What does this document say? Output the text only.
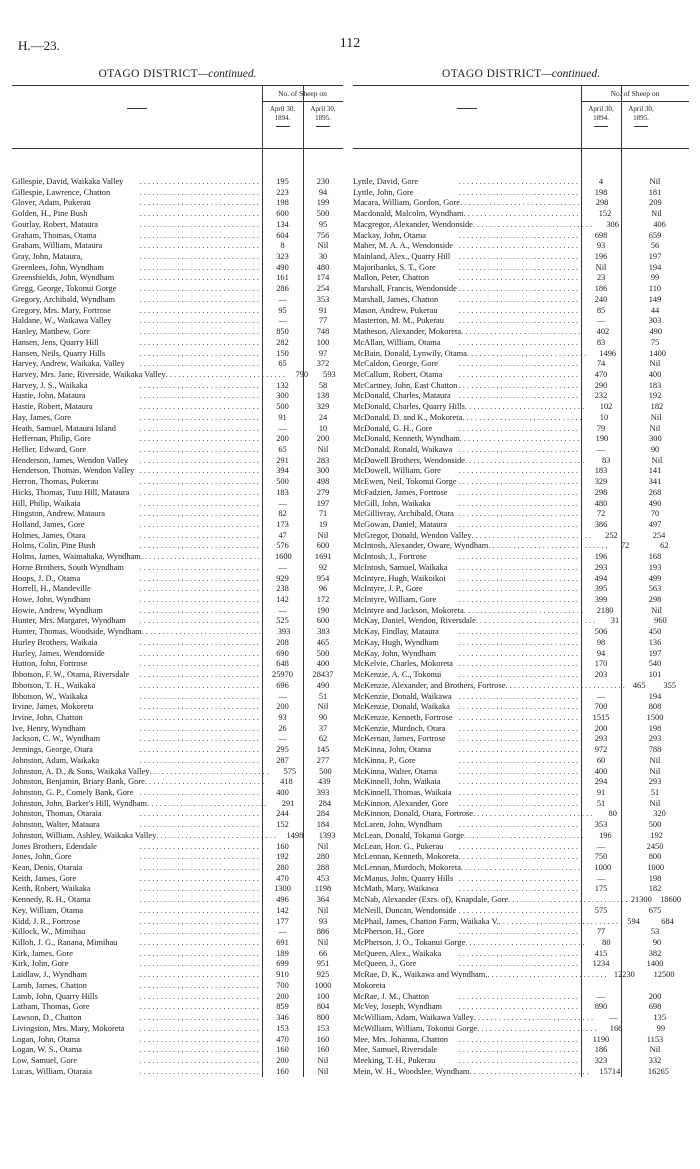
H.—23.	112
OTAGO DISTRICT—continued.
No. of Sheep on
April 30,
1894.
April 30,
1895.
Gillespie, David, Waikaka Valley	. . . . . . . . . . . . . . . . . . . . . . . . . . . . .	195	230
Gillespie, Lawrence, Chatton	. . . . . . . . . . . . . . . . . . . . . . . . . . . . .	223	94
Glover, Adam, Pukerau	. . . . . . . . . . . . . . . . . . . . . . . . . . . . .	198	199
Golden, H., Pine Bush	. . . . . . . . . . . . . . . . . . . . . . . . . . . . .	600	500
Gourlay, Robert, Mataura	. . . . . . . . . . . . . . . . . . . . . . . . . . . . .	134	95
Graham, Thomas, Otama	. . . . . . . . . . . . . . . . . . . . . . . . . . . . .	604	756
Graham, William, Mataura	. . . . . . . . . . . . . . . . . . . . . . . . . . . . .	8	Nil
Gray, John, Mataura,	. . . . . . . . . . . . . . . . . . . . . . . . . . . . .	323	30
Greenlees, John, Wyndham	. . . . . . . . . . . . . . . . . . . . . . . . . . . . .	490	480
Greenshields, John, Wyndham	. . . . . . . . . . . . . . . . . . . . . . . . . . . . .	161	174
Gregg, George, Tokonui Gorge	. . . . . . . . . . . . . . . . . . . . . . . . . . . . .	286	254
Gregory, Archibald, Wyndham	. . . . . . . . . . . . . . . . . . . . . . . . . . . . .	—	353
Gregory, Mrs. Mary, Fortrose	. . . . . . . . . . . . . . . . . . . . . . . . . . . . .	95	91
Haldane, W., Waikawa Valley	. . . . . . . . . . . . . . . . . . . . . . . . . . . . .	—	77
Hanley, Matthew, Gore	. . . . . . . . . . . . . . . . . . . . . . . . . . . . .	850	748
Hansen, Jens, Quarry Hill	. . . . . . . . . . . . . . . . . . . . . . . . . . . . .	282	100
Hansen, Neils, Quarry Hills	. . . . . . . . . . . . . . . . . . . . . . . . . . . . .	150	97
Harvey, Andrew, Waikaka, Valley	. . . . . . . . . . . . . . . . . . . . . . . . . . . . .	65	372
Harvey, Mrs. Jane, Riverside, Waikaka Valley . . . . . . . . . . . . . . . . . . . . . . . . . . . . .	790	593
Harvey, J. S., Waikaka	. . . . . . . . . . . . . . . . . . . . . . . . . . . . .	132	58
Hastie, John, Mataura	. . . . . . . . . . . . . . . . . . . . . . . . . . . . .	300	138
Hastie, Robert, Mataura	. . . . . . . . . . . . . . . . . . . . . . . . . . . . .	500	329
Hay, James, Gore	. . . . . . . . . . . . . . . . . . . . . . . . . . . . .	91	24
Heath, Samuel, Mataura Island	. . . . . . . . . . . . . . . . . . . . . . . . . . . . .	—	10
Heffernan, Philip, Gore	. . . . . . . . . . . . . . . . . . . . . . . . . . . . .	200	200
Hellier, Edward, Gore	. . . . . . . . . . . . . . . . . . . . . . . . . . . . .	65	Nil
Henderson, James, Wendon Valley	. . . . . . . . . . . . . . . . . . . . . . . . . . . . .	291	283
Henderson, Thomas, Wendon Valley . . . . . . . . . . . . . . . . . . . . . . . . . . . . .	394	300
Herron, Thomas, Pukerau	. . . . . . . . . . . . . . . . . . . . . . . . . . . . .	500	498
Hicks, Thomas, Tutu Hill, Mataura	. . . . . . . . . . . . . . . . . . . . . . . . . . . . .	183	279
Hill, Philip, Waikaia	. . . . . . . . . . . . . . . . . . . . . . . . . . . . .	—	197
Hingston, Andrew, Mataura	. . . . . . . . . . . . . . . . . . . . . . . . . . . . .	82	71
Holland, James, Gore	. . . . . . . . . . . . . . . . . . . . . . . . . . . . .	173	19
Holmes, James, Otara	. . . . . . . . . . . . . . . . . . . . . . . . . . . . .	47	Nil
Holms, Colin, Pine Bush	. . . . . . . . . . . . . . . . . . . . . . . . . . . . .	576	600
Holms, James, Waimahaka, Wyndham . . . . . . . . . . . . . . . . . . . . . . . . . . . . .	1600	1691
Horne Brothers, South Wyndham	. . . . . . . . . . . . . . . . . . . . . . . . . . . . .	—	92
Hoops, J. D., Otama	. . . . . . . . . . . . . . . . . . . . . . . . . . . . .	929	954
Horrell, H., Mandeville	. . . . . . . . . . . . . . . . . . . . . . . . . . . . .	238	96
Howe, John, Wyndham	. . . . . . . . . . . . . . . . . . . . . . . . . . . . .	142	172
Howie, Andrew, Wyndham	. . . . . . . . . . . . . . . . . . . . . . . . . . . . .	—	190
Hunter, Mrs. Margaret, Wyndham	. . . . . . . . . . . . . . . . . . . . . . . . . . . . .	525	600
Hunter, Thomas, Woodside, Wyndham . . . . . . . . . . . . . . . . . . . . . . . . . . . . .	393	383
Hurley Brothers, Waikaia	. . . . . . . . . . . . . . . . . . . . . . . . . . . . .	208	465
Hurley, James, Wendonside	. . . . . . . . . . . . . . . . . . . . . . . . . . . . .	690	500
Hutton, John, Fortrose	. . . . . . . . . . . . . . . . . . . . . . . . . . . . .	648	400
Ibbotson, F. W., Otama, Riversdale	. . . . . . . . . . . . . . . . . . . . . . . . . . . . .	25970	28437
Ibbotson, T. H., Waikaka	. . . . . . . . . . . . . . . . . . . . . . . . . . . . .	696	490
Ibbotson, W., Waikaka	. . . . . . . . . . . . . . . . . . . . . . . . . . . . .	—	51
Irvine, James, Mokoreta	. . . . . . . . . . . . . . . . . . . . . . . . . . . . .	200	Nil
Irvine, John, Chatton	. . . . . . . . . . . . . . . . . . . . . . . . . . . . .	93	90
Ive, Henry, Wyndham	. . . . . . . . . . . . . . . . . . . . . . . . . . . . .	26	37
Jackson, C. W., Wyndham	. . . . . . . . . . . . . . . . . . . . . . . . . . . . .	—	62
Jennings, George, Otara	. . . . . . . . . . . . . . . . . . . . . . . . . . . . .	295	145
Johnston, Adam, Waikaka	. . . . . . . . . . . . . . . . . . . . . . . . . . . . .	287	277
Johnston, A. D., & Sons, Waikaka Valley . . . . . . . . . . . . . . . . . . . . . . . . . . . . .	575	500
Johnston, Benjamin, Briary Bank, Gore . . . . . . . . . . . . . . . . . . . . . . . . . . . . .	418	439
Johnston, G. P., Comely Bank, Gore . . . . . . . . . . . . . . . . . . . . . . . . . . . . .	400	393
Johnston, John, Barker's Hill, Wyndham . . . . . . . . . . . . . . . . . . . . . . . . . . . . .	291	284
Johnston, Thomas, Otaraia	. . . . . . . . . . . . . . . . . . . . . . . . . . . . .	244	284
Johnston, Walter, Mataura	. . . . . . . . . . . . . . . . . . . . . . . . . . . . .	152	184
Johnston, William, Ashley, Waikaka Valley . . . . . . . . . . . . . . . . . . . . . . . . . . . . .	1498	1393
Jones Brothers, Edendale	. . . . . . . . . . . . . . . . . . . . . . . . . . . . .	160	Nil
Jones, John, Gore	. . . . . . . . . . . . . . . . . . . . . . . . . . . . .	192	280
Kean, Denis, Otaraia	. . . . . . . . . . . . . . . . . . . . . . . . . . . . .	280	288
Keith, James, Gore	. . . . . . . . . . . . . . . . . . . . . . . . . . . . .	470	453
Keith, Robert, Waikaka	. . . . . . . . . . . . . . . . . . . . . . . . . . . . .	1300	1198
Kennedy, R. H., Otama	. . . . . . . . . . . . . . . . . . . . . . . . . . . . .	496	364
Key, William, Otama	. . . . . . . . . . . . . . . . . . . . . . . . . . . . .	142	Nil
Kidd, J. R., Fortrose	. . . . . . . . . . . . . . . . . . . . . . . . . . . . .	177	93
Killock, W., Mimihau	. . . . . . . . . . . . . . . . . . . . . . . . . . . . .	—	886
Killoh, J. G., Ranana, Mimihau	. . . . . . . . . . . . . . . . . . . . . . . . . . . . .	691	Nil
Kirk, James, Gore	. . . . . . . . . . . . . . . . . . . . . . . . . . . . .	189	66
Kirk, John, Gore	. . . . . . . . . . . . . . . . . . . . . . . . . . . . .	699	951
Laidlaw, J., Wyndham	. . . . . . . . . . . . . . . . . . . . . . . . . . . . .	910	925
Lamb, James, Chatton	. . . . . . . . . . . . . . . . . . . . . . . . . . . . .	700	1000
Lamb, John, Quarry Hills	. . . . . . . . . . . . . . . . . . . . . . . . . . . . .	200	100
Latham, Thomas, Gore	. . . . . . . . . . . . . . . . . . . . . . . . . . . . .	859	804
Lawson, D., Chatton	. . . . . . . . . . . . . . . . . . . . . . . . . . . . .	346	800
Livingston, Mrs. Mary, Mokoreta	. . . . . . . . . . . . . . . . . . . . . . . . . . . . .	153	153
Logan, John, Otama	. . . . . . . . . . . . . . . . . . . . . . . . . . . . .	470	160
Logan, W. S., Otama	. . . . . . . . . . . . . . . . . . . . . . . . . . . . .	160	160
Low, Samuel, Gore	. . . . . . . . . . . . . . . . . . . . . . . . . . . . .	200	Nil
Lucas, William, Otaraia	. . . . . . . . . . . . . . . . . . . . . . . . . . . . .	160	Nil
OTAGO DISTRICT—continued.
No. of Sheep on
April 30,
1894.
April 30,
1895.
Lyttle, David, Gore	. . . . . . . . . . . . . . . . . . . . . . . . . . . . .	4	Nil
Lyttle, John, Gore	. . . . . . . . . . . . . . . . . . . . . . . . . . . . .	198	181
Macara, William, Gordon, Gore . . . . . . . . . . . . . . . . . . . . . . . . . . . . .	298	209
Macdonald, Malcolm, Wyndham . . . . . . . . . . . . . . . . . . . . . . . . . . . . .	152	Nil
Macgregor, Alexander, Wendonside . . . . . . . . . . . . . . . . . . . . . . . . . . . . .	306	406
Mackay, John, Otama	. . . . . . . . . . . . . . . . . . . . . . . . . . . . .	698	659
Maher, M. A. A., Wendonside . . . . . . . . . . . . . . . . . . . . . . . . . . . . .	93	56
Mainland, Alex., Quarry Hill	. . . . . . . . . . . . . . . . . . . . . . . . . . . . .	196	197
Majoribanks, S. T., Gore	. . . . . . . . . . . . . . . . . . . . . . . . . . . . .	Nil	194
Mallon, Peter, Chatton	. . . . . . . . . . . . . . . . . . . . . . . . . . . . .	23	99
Marshall, Francis, Wendonside . . . . . . . . . . . . . . . . . . . . . . . . . . . . .	186	110
Marshall, James, Chatton	. . . . . . . . . . . . . . . . . . . . . . . . . . . . .	240	149
Mason, Andrew, Pukerau	. . . . . . . . . . . . . . . . . . . . . . . . . . . . .	85	44
Masterton, M. M., Pukerau	. . . . . . . . . . . . . . . . . . . . . . . . . . . . .	—	303
Matheson, Alexander, Mokoreta . . . . . . . . . . . . . . . . . . . . . . . . . . . . .	402	490
McAllan, William, Otama	. . . . . . . . . . . . . . . . . . . . . . . . . . . . .	83	75
McBain, Donald, Lynwily, Otama . . . . . . . . . . . . . . . . . . . . . . . . . . . . .	1496	1400
McCaldon, George, Gore	. . . . . . . . . . . . . . . . . . . . . . . . . . . . .	74	Nil
McCallum, Robert, Otama	. . . . . . . . . . . . . . . . . . . . . . . . . . . . .	470	400
McCartney, John, East Chatton . . . . . . . . . . . . . . . . . . . . . . . . . . . . .	290	183
McDonald, Charles, Mataura . . . . . . . . . . . . . . . . . . . . . . . . . . . . .	232	192
McDonald, Charles, Quarry Hills . . . . . . . . . . . . . . . . . . . . . . . . . . . . .	102	182
McDonald, D. and K., Mokoreta . . . . . . . . . . . . . . . . . . . . . . . . . . . . .	10	Nil
McDonald, G. H., Gore	. . . . . . . . . . . . . . . . . . . . . . . . . . . . .	79	Nil
McDonald, Kenneth, Wyndham . . . . . . . . . . . . . . . . . . . . . . . . . . . . .	190	300
McDonald, Ronald, Waikawa . . . . . . . . . . . . . . . . . . . . . . . . . . . . .	—	90
McDowell Brothers, Wendonside . . . . . . . . . . . . . . . . . . . . . . . . . . . . .	83	Nil
McDowell, William, Gore	. . . . . . . . . . . . . . . . . . . . . . . . . . . . .	183	141
McEwen, Neil, Tokonui Gorge . . . . . . . . . . . . . . . . . . . . . . . . . . . . .	329	341
McFadzien, James, Fortrose	. . . . . . . . . . . . . . . . . . . . . . . . . . . . .	298	268
McGill, John, Waikaka	. . . . . . . . . . . . . . . . . . . . . . . . . . . . .	480	490
McGillivray, Archibald, Otara . . . . . . . . . . . . . . . . . . . . . . . . . . . . .	72	70
McGowan, Daniel, Mataura	. . . . . . . . . . . . . . . . . . . . . . . . . . . . .	386	497
McGregor, Donald, Wendon Valley . . . . . . . . . . . . . . . . . . . . . . . . . . . . .	252	254
McIntosh, Alexander, Oware, Wyndham . . . . . . . . . . . . . . . . . . . . . . . . . . . . .	72	62
McIntosh, J., Fortrose	. . . . . . . . . . . . . . . . . . . . . . . . . . . . .	196	168
McIntosh, Samuel, Waikaka	. . . . . . . . . . . . . . . . . . . . . . . . . . . . .	293	193
McIntyre, Hugh, Waikoikoi	. . . . . . . . . . . . . . . . . . . . . . . . . . . . .	494	499
McIntyre, J. P., Gore	. . . . . . . . . . . . . . . . . . . . . . . . . . . . .	395	563
McIntyre, William, Gore	. . . . . . . . . . . . . . . . . . . . . . . . . . . . .	399	298
McIntyre and Jackson, Mokoreta . . . . . . . . . . . . . . . . . . . . . . . . . . . . .	2180	Nil
McKay, Daniel, Wendon, Riversdale . . . . . . . . . . . . . . . . . . . . . . . . . . . . .	31	960
McKay, Findlay, Mataura	. . . . . . . . . . . . . . . . . . . . . . . . . . . . .	506	450
McKay, Hugh, Wyndham	. . . . . . . . . . . . . . . . . . . . . . . . . . . . .	98	136
McKay, John, Wyndham	. . . . . . . . . . . . . . . . . . . . . . . . . . . . .	94	197
McKelvie, Charles, Mokoreta . . . . . . . . . . . . . . . . . . . . . . . . . . . . .	170	540
McKenzie, A. C., Tokonui	. . . . . . . . . . . . . . . . . . . . . . . . . . . . .	203	101
McKenzie, Alexander, and Brothers, Fortrose . . . . . . . . . . . . . . . . . . . . . . . . . . . . . 465	355
McKenzie, Donald, Waikawa . . . . . . . . . . . . . . . . . . . . . . . . . . . . .	—	194
McKenzie, Donald, Waikaka	. . . . . . . . . . . . . . . . . . . . . . . . . . . . .	700	808
McKenzie, Kenneth, Fortrose . . . . . . . . . . . . . . . . . . . . . . . . . . . . .	1515	1500
McKenzie, Murdoch, Otara	. . . . . . . . . . . . . . . . . . . . . . . . . . . . .	200	198
McKernan, James, Fortrose	. . . . . . . . . . . . . . . . . . . . . . . . . . . . .	293	293
McKinna, John, Otama	. . . . . . . . . . . . . . . . . . . . . . . . . . . . .	972	788
McKinna, P., Gore	. . . . . . . . . . . . . . . . . . . . . . . . . . . . .	60	Nil
McKinna, Walter, Otama	. . . . . . . . . . . . . . . . . . . . . . . . . . . . .	400	Nil
McKinnell, John, Waikaia	. . . . . . . . . . . . . . . . . . . . . . . . . . . . .	294	293
McKinnell, Thomas, Waikaia . . . . . . . . . . . . . . . . . . . . . . . . . . . . .	91	51
McKinnon, Alexander, Gore	. . . . . . . . . . . . . . . . . . . . . . . . . . . . .	51	Nil
McKinnon, Donald, Otara, Fortrose . . . . . . . . . . . . . . . . . . . . . . . . . . . . .	80	320
McLaren, John, Wyndham	. . . . . . . . . . . . . . . . . . . . . . . . . . . . .	353	500
McLean, Donald, Tokanui Gorge . . . . . . . . . . . . . . . . . . . . . . . . . . . . .	196	192
McLean, Hon. G., Pukerau	. . . . . . . . . . . . . . . . . . . . . . . . . . . . .	—	2450
McLennan, Kenneth, Mokoreta . . . . . . . . . . . . . . . . . . . . . . . . . . . . .	750	800
McLennan, Murdoch, Mokoreta . . . . . . . . . . . . . . . . . . . . . . . . . . . . .	1000	1000
McManus, John, Quarry Hills . . . . . . . . . . . . . . . . . . . . . . . . . . . . .	—	198
McMath, Mary, Waikawa	. . . . . . . . . . . . . . . . . . . . . . . . . . . . .	175	182
McNab, Alexander (Exrs. of), Knapdale, Gore . . . . . . . . . . . . . . . . . . . . . . . . . . . . . 21300 18600
McNeill, Duncan, Wendonside . . . . . . . . . . . . . . . . . . . . . . . . . . . . .	575	675
McPhail, James, Chatton Farm, Waikaka V. . . . . . . . . . . . . . . . . . . . . . . . . . . . . .	594	684
McPherson, H., Gore	. . . . . . . . . . . . . . . . . . . . . . . . . . . . .	77	53
McPherson, J. O., Tokanui Gorge . . . . . . . . . . . . . . . . . . . . . . . . . . . . .	80	90
McQueen, Alex., Waikaka	. . . . . . . . . . . . . . . . . . . . . . . . . . . . .	415	382
McQueen, J., Gore	. . . . . . . . . . . . . . . . . . . . . . . . . . . . .	1234	1400
McRae, D. K., Waikawa and Wyndham, . . . . . . . . . . . . . . . . . . . . . . . . . . . . . 12230	12500
Mokoreta
McRae, J. M., Chatton	. . . . . . . . . . . . . . . . . . . . . . . . . . . . .	—	200
McVey, Joseph, Wyndham	. . . . . . . . . . . . . . . . . . . . . . . . . . . . .	890	698
McWilliam, Adam, Waikawa Valley . . . . . . . . . . . . . . . . . . . . . . . . . . . . .	—	135
McWilliam, William, Tokonui Gorge . . . . . . . . . . . . . . . . . . . . . . . . . . . . .	166	99
Mee, Mrs. Johanna, Chatton	. . . . . . . . . . . . . . . . . . . . . . . . . . . . .	1190	1153
Mee, Samuel, Riversdale	. . . . . . . . . . . . . . . . . . . . . . . . . . . . .	186	Nil
Meeking, T. H., Pukerau	. . . . . . . . . . . . . . . . . . . . . . . . . . . . .	323	332
Mein, W. H., Woodslee, Wyndham . . . . . . . . . . . . . . . . . . . . . . . . . . . . .	15714	16265
